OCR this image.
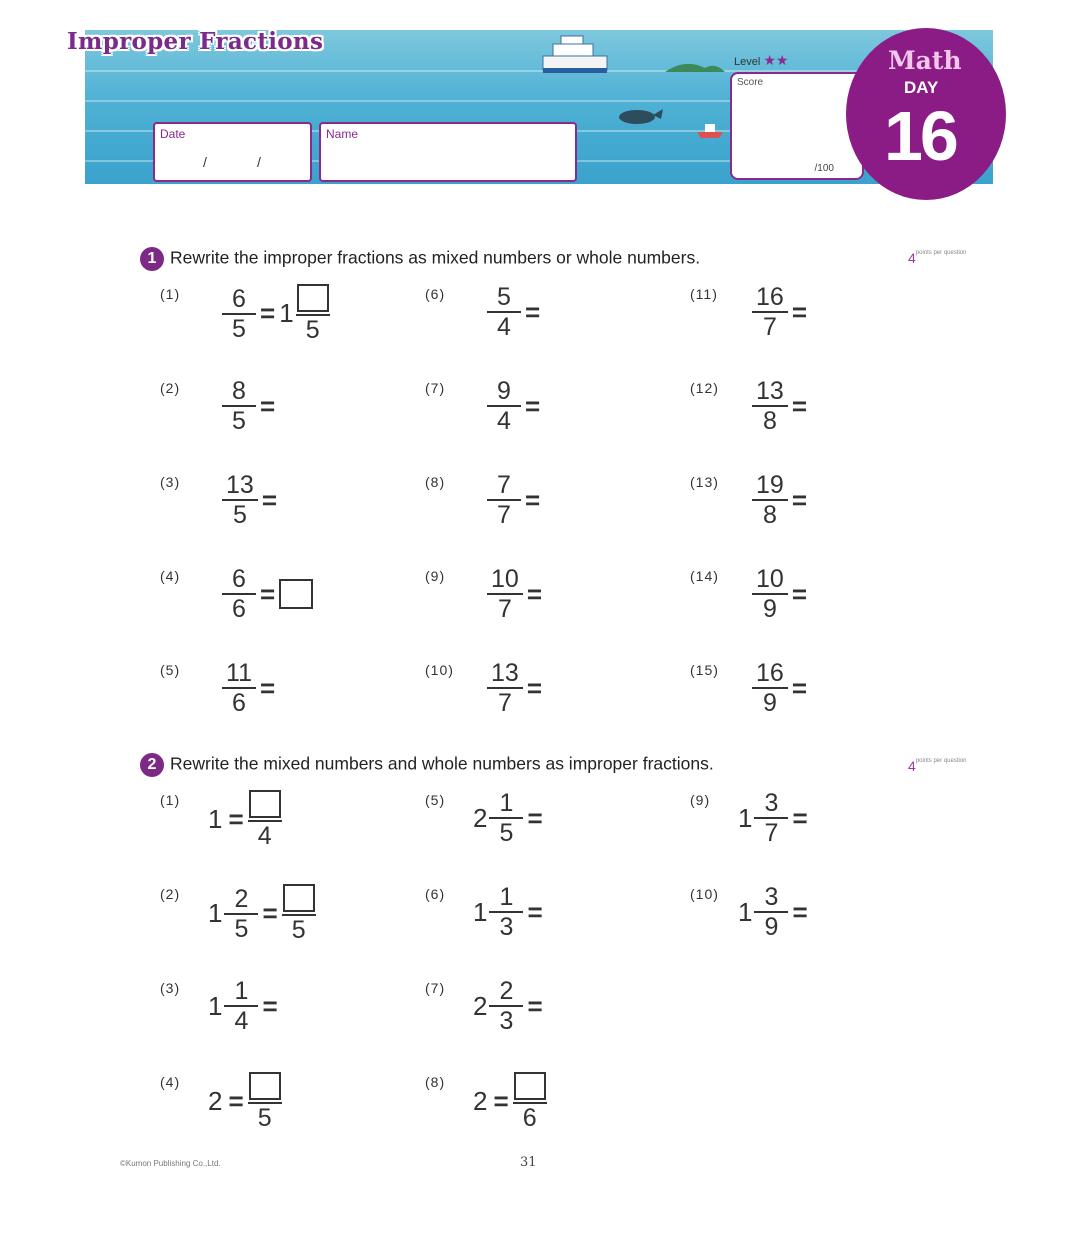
Improper Fractions
Level ★★
Score
/100
Date
/	/
Name
Math
DAY
16
1 Rewrite the improper fractions as mixed numbers or whole numbers.	$4^{points per question}$
$(1) \frac{6}{5} = 1$
5
$(2) \frac{8}{5}$ =
$(3) \frac{13}{5}$ =
$(4) \frac{6}{6}$ =
$(5) \frac{11}{6}$ =
$(6) \frac{5}{4}$ =
$(7) \frac{9}{4}$ =
$(8) \frac{7}{7}$ =
$(9) \frac{10}{7}$ =
$(10) \frac{13}{7}$ =
$(11) \frac{16}{7}$ =
$(12) \frac{13}{8}$ =
$(13) \frac{19}{8}$ =
$(14) \frac{10}{9}$ =
$(15) \frac{16}{9}$ =
2 Rewrite the mixed numbers and whole numbers as improper fractions.	$4^{points per question}$
(1)
1 =
4
(2)
$1 \frac{2}{5}$ =
5
(3)
$1 \frac{1}{4}$ =
(4)
2 =
5
(5)
$2 \frac{1}{5}$ =
(6)
$1 \frac{1}{3}$ =
(7)
$2 \frac{2}{3}$ =
(8)
2 =
6
(9)
$1 \frac{3}{7}$ =
(10)
$1 \frac{3}{9}$ =
©Kumon Publishing Co.,Ltd.	31
